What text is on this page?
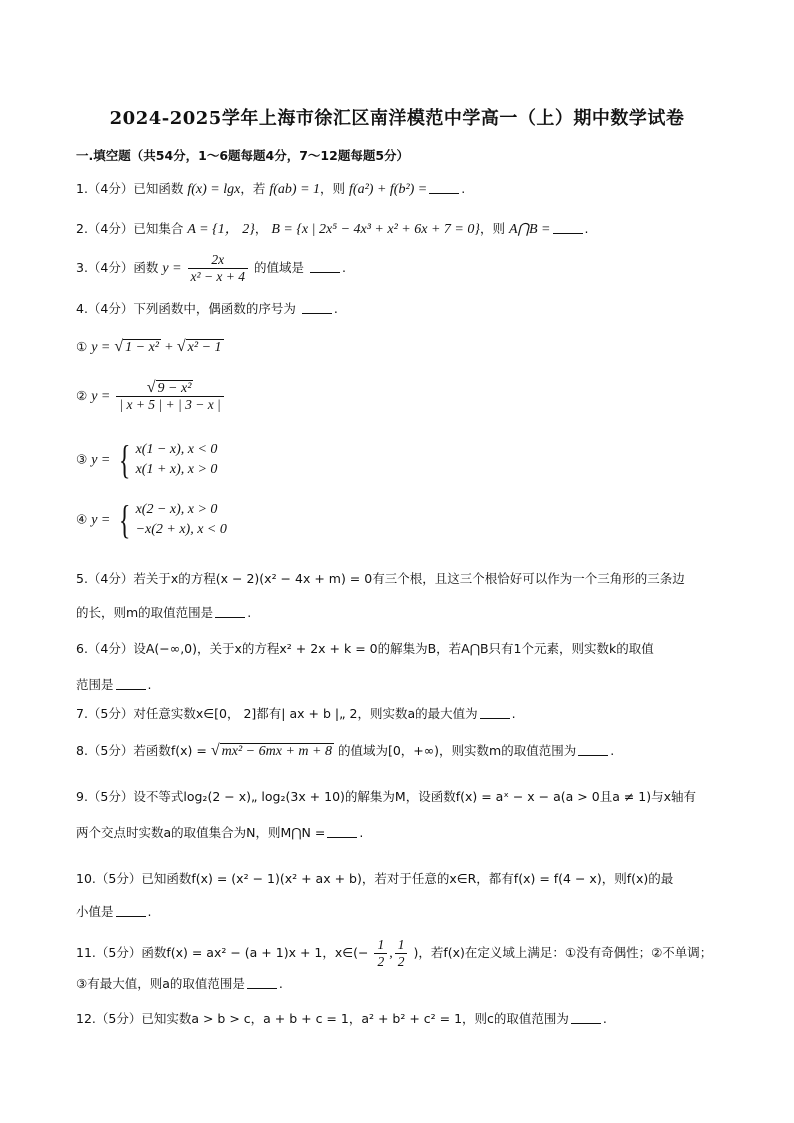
2024-2025学年上海市徐汇区南洋模范中学高一（上）期中数学试卷
一.填空题（共54分，1～6题每题4分，7～12题每题5分）
1.（4分）已知函数 f(x) = lgx，若 f(ab) = 1，则 f(a²) + f(b²) =	.
2.（4分）已知集合 A = {1， 2}， B = {x | 2x⁵ − 4x³ + x² + 6x + 7 = 0}，则 A⋂B =	.
3.（4分）函数 $y = \frac{2x}{\text{x² − x + 4}}$ 的值域是	.
4.（4分）下列函数中，偶函数的序号为	.
① y = √ 1 − x² + √ x² − 1
② $y = \frac{\text{√ 9 − x²}}{| x + 5 | + | 3 - x |}$
③ y = { x(1 − x), x < 0
x(1 + x), x > 0
④ y = { x(2 − x), x > 0
−x(2 + x), x < 0
5.（4分）若关于x的方程(x − 2)(x² − 4x + m) = 0有三个根，且这三个根恰好可以作为一个三角形的三条边
的长，则m的取值范围是	.
6.（4分）设A(−∞,0)，关于x的方程x² + 2x + k = 0的解集为B，若A⋂B只有1个元素，则实数k的取值
范围是	.
7.（5分）对任意实数x∈[0， 2]都有| ax + b |„ 2，则实数a的最大值为	.
8.（5分）若函数f(x) = √ mx² − 6mx + m + 8 的值域为[0，+∞)，则实数m的取值范围为	.
9.（5分）设不等式log₂(2 − x)„ log₂(3x + 10)的解集为M，设函数f(x) = aˣ − x − a(a > 0且a ≠ 1)与x轴有
两个交点时实数a的取值集合为N，则M⋂N =	.
10.（5分）已知函数f(x) = (x² − 1)(x² + ax + b)，若对于任意的x∈R，都有f(x) = f(4 − x)，则f(x)的最
小值是	.
11.（5分）函数f(x) = ax² − (a + 1)x + 1，x∈(− $\frac{1}{2}$ , $\frac{1}{2}$ )，若f(x)在定义域上满足：①没有奇偶性；②不单调；
③有最大值，则a的取值范围是	.
12.（5分）已知实数a > b > c，a + b + c = 1，a² + b² + c² = 1，则c的取值范围为	.
